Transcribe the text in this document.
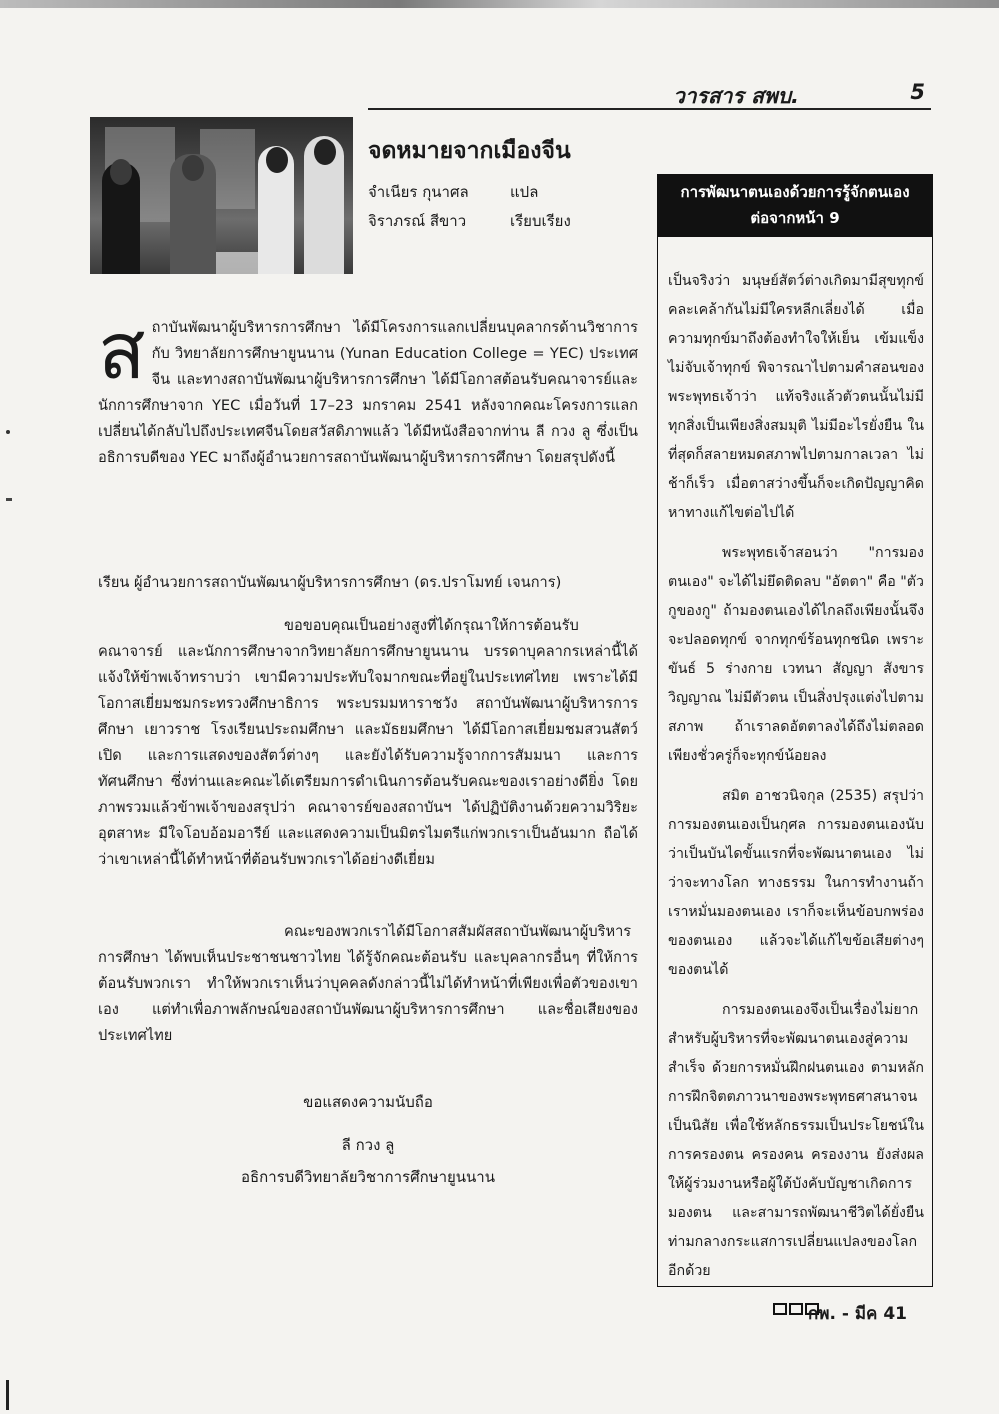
วารสาร สพบ.	5
จดหมายจากเมืองจีน
จำเนียร กุนาศล	แปล
จิราภรณ์ สีขาว	เรียบเรียง
ส ถาบันพัฒนาผู้บริหารการศึกษา ได้มีโครงการแลกเปลี่ยนบุคลากรด้านวิชาการ กับ วิทยาลัยการศึกษายูนนาน (Yunan Education College = YEC) ประเทศจีน และทางสถาบันพัฒนาผู้บริหารการศึกษา ได้มีโอกาสต้อนรับคณาจารย์และนักการศึกษาจาก YEC เมื่อวันที่ 17–23 มกราคม 2541 หลังจากคณะโครงการแลกเปลี่ยนได้กลับไปถึงประเทศจีนโดยสวัสดิภาพแล้ว ได้มีหนังสือจากท่าน ลี กวง ลู ซึ่งเป็นอธิการบดีของ YEC มาถึงผู้อำนวยการสถาบันพัฒนาผู้บริหารการศึกษา โดยสรุปดังนี้
เรียน ผู้อำนวยการสถาบันพัฒนาผู้บริหารการศึกษา (ดร.ปราโมทย์ เจนการ)
ขอขอบคุณเป็นอย่างสูงที่ได้กรุณาให้การต้อนรับคณาจารย์ และนักการศึกษาจากวิทยาลัยการศึกษายูนนาน บรรดาบุคลากรเหล่านี้ได้แจ้งให้ข้าพเจ้าทราบว่า เขามีความประทับใจมากขณะที่อยู่ในประเทศไทย เพราะได้มีโอกาสเยี่ยมชมกระทรวงศึกษาธิการ พระบรมมหาราชวัง สถาบันพัฒนาผู้บริหารการศึกษา เยาวราช โรงเรียนประถมศึกษา และมัธยมศึกษา ได้มีโอกาสเยี่ยมชมสวนสัตว์เปิด และการแสดงของสัตว์ต่างๆ และยังได้รับความรู้จากการสัมมนา และการทัศนศึกษา ซึ่งท่านและคณะได้เตรียมการดำเนินการต้อนรับคณะของเราอย่างดียิ่ง โดยภาพรวมแล้วข้าพเจ้าของสรุปว่า คณาจารย์ของสถาบันฯ ได้ปฏิบัติงานด้วยความวิริยะ อุตสาหะ มีใจโอบอ้อมอารีย์ และแสดงความเป็นมิตรไมตรีแก่พวกเราเป็นอันมาก ถือได้ว่าเขาเหล่านี้ได้ทำหน้าที่ต้อนรับพวกเราได้อย่างดีเยี่ยม
คณะของพวกเราได้มีโอกาสสัมผัสสถาบันพัฒนาผู้บริหารการศึกษา ได้พบเห็นประชาชนชาวไทย ได้รู้จักคณะต้อนรับ และบุคลากรอื่นๆ ที่ให้การต้อนรับพวกเรา ทำให้พวกเราเห็นว่าบุคคลดังกล่าวนี้ไม่ได้ทำหน้าที่เพียงเพื่อตัวของเขาเอง แต่ทำเพื่อภาพลักษณ์ของสถาบันพัฒนาผู้บริหารการศึกษา และชื่อเสียงของประเทศไทย
ขอแสดงความนับถือ
ลี กวง ลู
อธิการบดีวิทยาลัยวิชาการศึกษายูนนาน
การพัฒนาตนเองด้วยการรู้จักตนเอง
ต่อจากหน้า 9

เป็นจริงว่า มนุษย์สัตว์ต่างเกิดมามีสุขทุกข์คละเคล้ากันไม่มีใครหลีกเลี่ยงได้ เมื่อความทุกข์มาถึงต้องทำใจให้เย็น เข้มแข็ง ไม่จับเจ้าทุกข์ พิจารณาไปตามคำสอนของพระพุทธเจ้าว่า แท้จริงแล้วตัวตนนั้นไม่มี ทุกสิ่งเป็นเพียงสิ่งสมมุติ ไม่มีอะไรยั่งยืน ในที่สุดก็สลายหมดสภาพไปตามกาลเวลา ไม่ช้าก็เร็ว เมื่อตาสว่างขึ้นก็จะเกิดปัญญาคิดหาทางแก้ไขต่อไปได้

พระพุทธเจ้าสอนว่า "การมองตนเอง" จะได้ไม่ยึดติดลบ "อัตตา" คือ "ตัวกูของกู" ถ้ามองตนเองได้ไกลถึงเพียงนั้นจึงจะปลอดทุกข์ จากทุกข์ร้อนทุกชนิด เพราะขันธ์ 5 ร่างกาย เวทนา สัญญา สังขาร วิญญาณ ไม่มีตัวตน เป็นสิ่งปรุงแต่งไปตามสภาพ ถ้าเราลดอัตตาลงได้ถึงไม่ตลอดเพียงชั่วครู่ก็จะทุกข์น้อยลง

สมิต อาชวนิจกุล (2535) สรุปว่า การมองตนเองเป็นกุศล การมองตนเองนับว่าเป็นบันไดขั้นแรกที่จะพัฒนาตนเอง ไม่ว่าจะทางโลก ทางธรรม ในการทำงานถ้าเราหมั่นมองตนเอง เราก็จะเห็นข้อบกพร่องของตนเอง แล้วจะได้แก้ไขข้อเสียต่างๆ ของตนได้

การมองตนเองจึงเป็นเรื่องไม่ยากสำหรับผู้บริหารที่จะพัฒนาตนเองสู่ความสำเร็จ ด้วยการหมั่นฝึกฝนตนเอง ตามหลักการฝึกจิตตภาวนาของพระพุทธศาสนาจนเป็นนิสัย เพื่อใช้หลักธรรมเป็นประโยชน์ในการครองตน ครองคน ครองงาน ยังส่งผลให้ผู้ร่วมงานหรือผู้ใต้บังคับบัญชาเกิดการมองตน และสามารถพัฒนาชีวิตได้ยั่งยืน ท่ามกลางกระแสการเปลี่ยนแปลงของโลกอีกด้วย

กพ. - มีค 41
